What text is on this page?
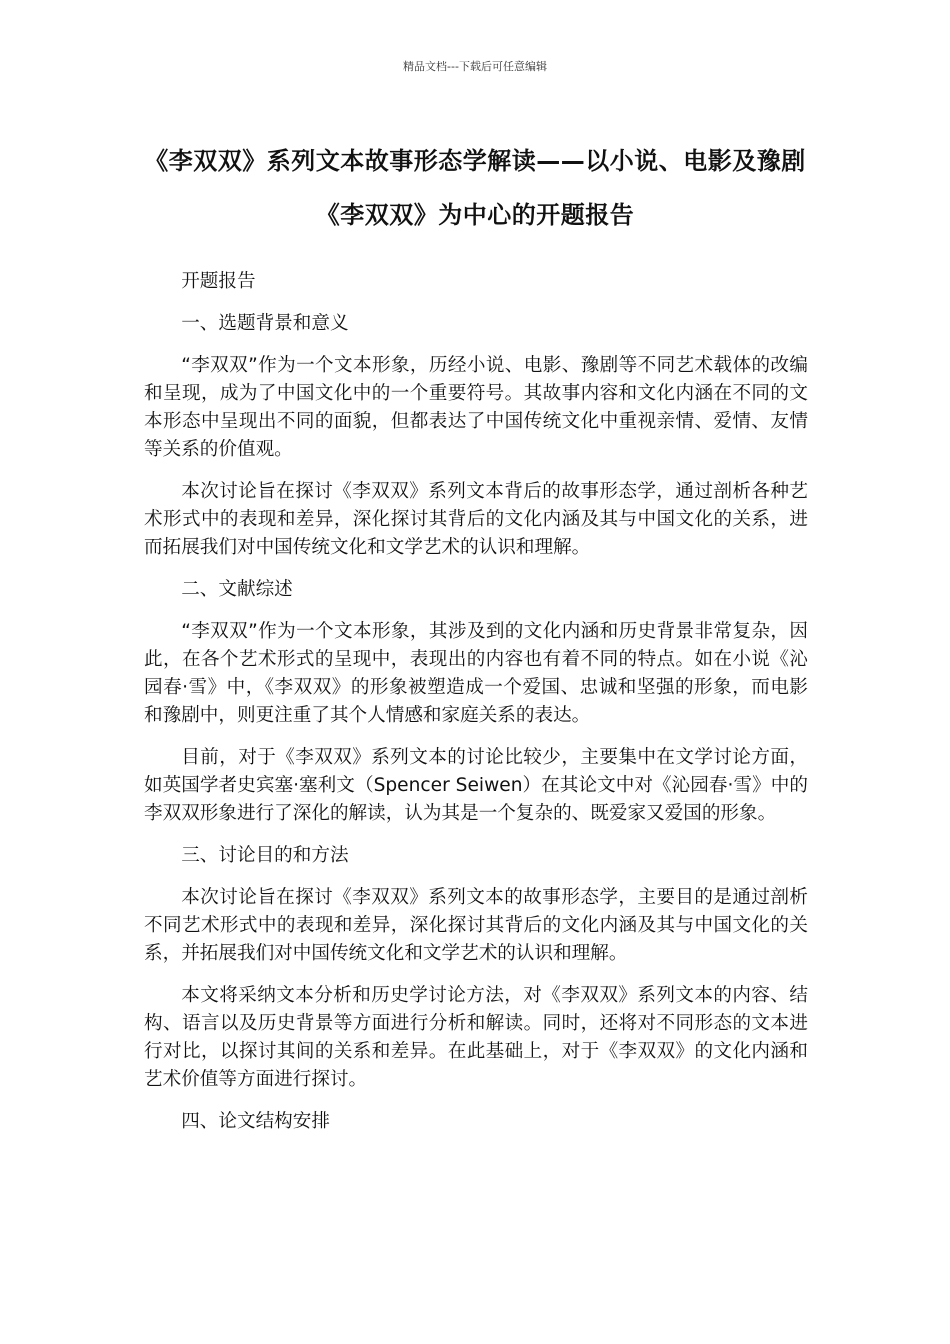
精品文档---下载后可任意编辑
《李双双》系列文本故事形态学解读——以小说、电影及豫剧《李双双》为中心的开题报告

开题报告

一、选题背景和意义

“李双双”作为一个文本形象，历经小说、电影、豫剧等不同艺术载体的改编和呈现，成为了中国文化中的一个重要符号。其故事内容和文化内涵在不同的文本形态中呈现出不同的面貌，但都表达了中国传统文化中重视亲情、爱情、友情等关系的价值观。

本次讨论旨在探讨《李双双》系列文本背后的故事形态学，通过剖析各种艺术形式中的表现和差异，深化探讨其背后的文化内涵及其与中国文化的关系，进而拓展我们对中国传统文化和文学艺术的认识和理解。

二、文献综述

“李双双”作为一个文本形象，其涉及到的文化内涵和历史背景非常复杂，因此，在各个艺术形式的呈现中，表现出的内容也有着不同的特点。如在小说《沁园春·雪》中，《李双双》的形象被塑造成一个爱国、忠诚和坚强的形象，而电影和豫剧中，则更注重了其个人情感和家庭关系的表达。

目前，对于《李双双》系列文本的讨论比较少，主要集中在文学讨论方面，如英国学者史宾塞·塞利文（Spencer Seiwen）在其论文中对《沁园春·雪》中的李双双形象进行了深化的解读，认为其是一个复杂的、既爱家又爱国的形象。

三、讨论目的和方法

本次讨论旨在探讨《李双双》系列文本的故事形态学，主要目的是通过剖析不同艺术形式中的表现和差异，深化探讨其背后的文化内涵及其与中国文化的关系，并拓展我们对中国传统文化和文学艺术的认识和理解。

本文将采纳文本分析和历史学讨论方法，对《李双双》系列文本的内容、结构、语言以及历史背景等方面进行分析和解读。同时，还将对不同形态的文本进行对比，以探讨其间的关系和差异。在此基础上，对于《李双双》的文化内涵和艺术价值等方面进行探讨。

四、论文结构安排
